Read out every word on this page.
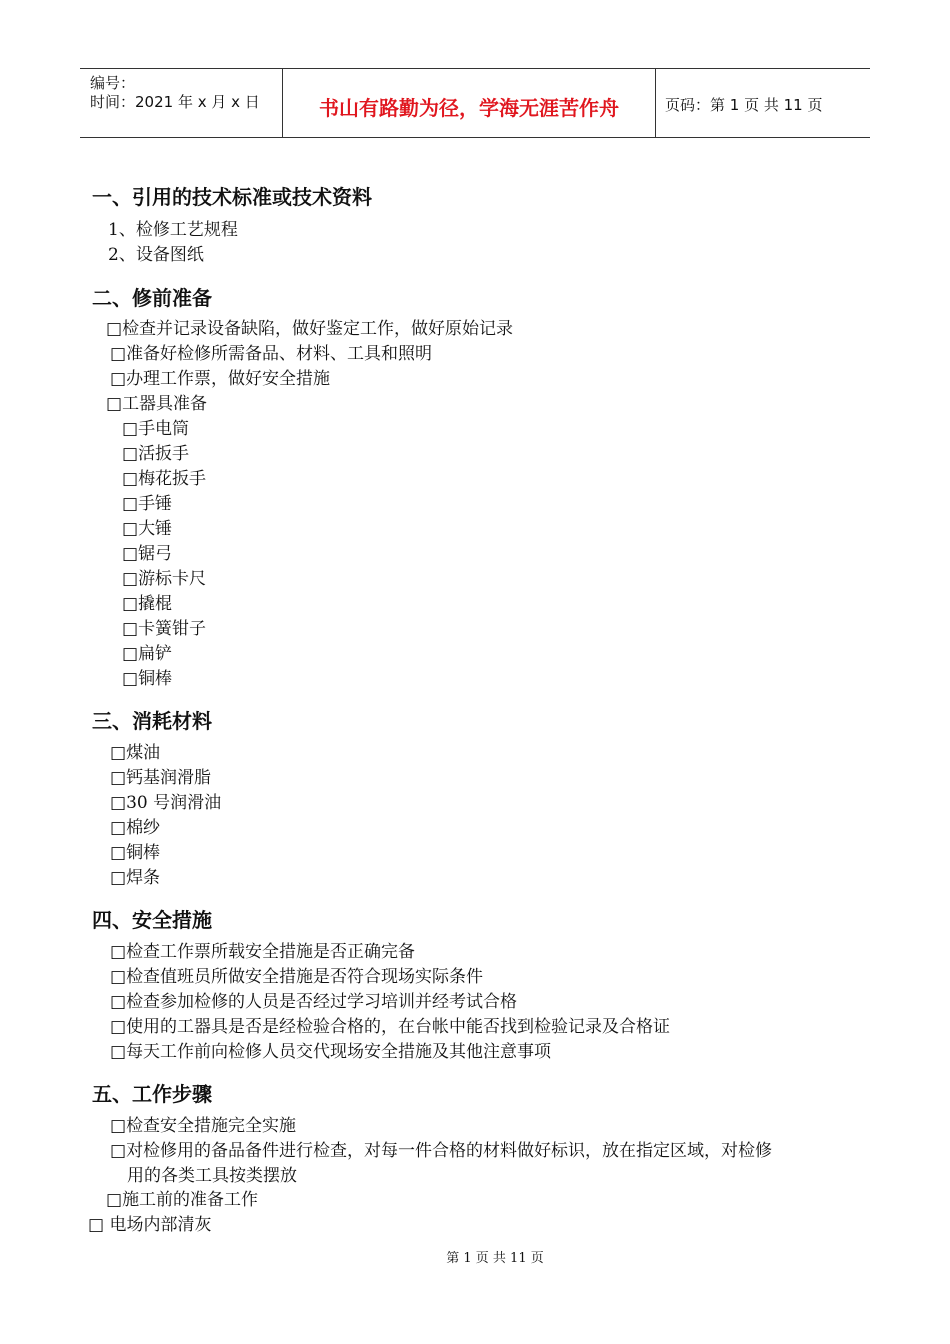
编号：
时间：2021 年 x 月 x 日	书山有路勤为径，学海无涯苦作舟	页码：第 1 页 共 11 页
一、引用的技术标准或技术资料
1、检修工艺规程
2、设备图纸
二、修前准备
□检查并记录设备缺陷，做好鉴定工作，做好原始记录
□准备好检修所需备品、材料、工具和照明
□办理工作票，做好安全措施
□工器具准备
□手电筒
□活扳手
□梅花扳手
□手锤
□大锤
□锯弓
□游标卡尺
□撬棍
□卡簧钳子
□扁铲
□铜棒
三、消耗材料
□煤油
□钙基润滑脂
□30 号润滑油
□棉纱
□铜棒
□焊条
四、安全措施
□检查工作票所载安全措施是否正确完备
□检查值班员所做安全措施是否符合现场实际条件
□检查参加检修的人员是否经过学习培训并经考试合格
□使用的工器具是否是经检验合格的，在台帐中能否找到检验记录及合格证
□每天工作前向检修人员交代现场安全措施及其他注意事项
五、工作步骤
□检查安全措施完全实施
□对检修用的备品备件进行检查，对每一件合格的材料做好标识，放在指定区域，对检修
用的各类工具按类摆放
□施工前的准备工作
□ 电场内部清灰
第 1 页 共 11 页
